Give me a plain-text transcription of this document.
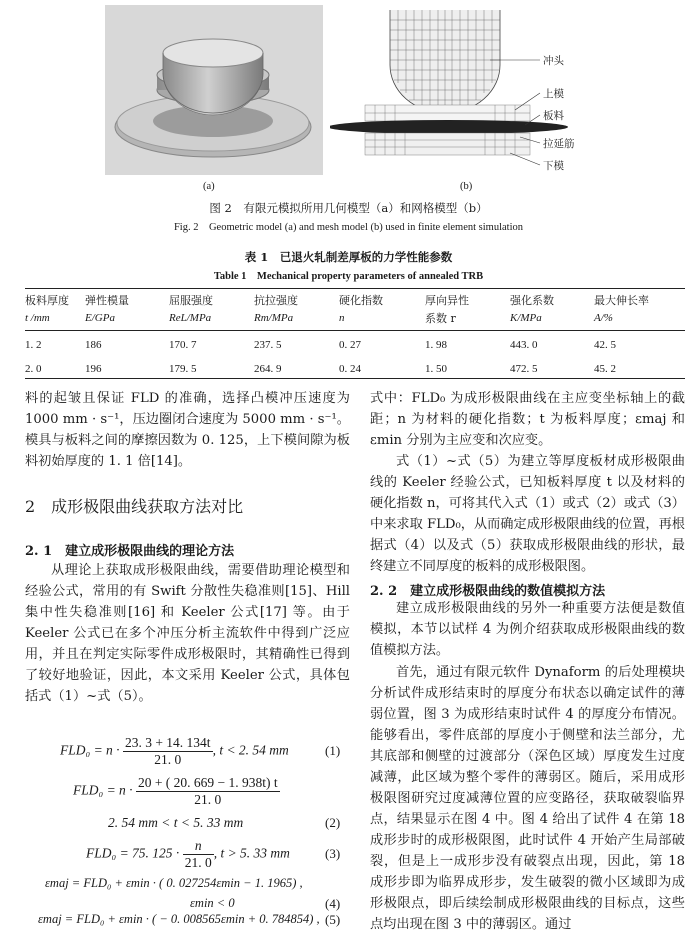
(a)
冲头
上模
板料
拉延筋
下模
(b)
图 2　有限元模拟所用几何模型（a）和网格模型（b）
Fig. 2　Geometric model (a) and mesh model (b) used in finite element simulation
表 1　已退火轧制差厚板的力学性能参数
Table 1　Mechanical property parameters of annealed TRB
板料厚度	弹性模量	屈服强度	抗拉强度	硬化指数	厚向异性	强化系数	最大伸长率
t /mm	E/GPa	ReL/MPa	Rm/MPa	n	系数 r	K/MPa	A/%
1. 2	186	170. 7	237. 5	0. 27	1. 98	443. 0	42. 5

2. 0	196	179. 5	264. 9	0. 24	1. 50	472. 5	45. 2
料的起皱且保证 FLD 的准确，选择凸模冲压速度为 1000 mm · s⁻¹，压边圈闭合速度为 5000 mm · s⁻¹。模具与板料之间的摩擦因数为 0. 125，上下模间隙为板料初始厚度的 1. 1 倍[14]。
2　成形极限曲线获取方法对比
2. 1　建立成形极限曲线的理论方法
从理论上获取成形极限曲线，需要借助理论模型和经验公式，常用的有 Swift 分散性失稳准则[15]、Hill 集中性失稳准则[16] 和 Keeler 公式[17] 等。由于 Keeler 公式已在多个冲压分析主流软件中得到广泛应用，并且在判定实际零件成形极限时，其精确性已得到了较好地验证，因此，本文采用 Keeler 公式，具体包括式（1）~式（5）。
$FLD_0 = n \cdot \frac{23. 3 + 14. 134t}{21. 0}$ , t < 2. 54 mm	(1)
$FLD_0 = n \cdot \frac{20 + ( 20. 669 - 1. 938t) t}{21. 0}$
2. 54 mm < t < 5. 33 mm	(2)
FLD₀ = 75. $125 \cdot \frac{n}{21. 0}$ , t > 5. 33 mm	(3)
εmaj = FLD₀ + εmin · ( 0. 027254εmin − 1. 1965) ,
εmin < 0	(4)
εmaj = FLD₀ + εmin · ( − 0. 008565εmin + 0. 784854) , (5)
式中：FLD₀ 为成形极限曲线在主应变坐标轴上的截距；n 为材料的硬化指数；t 为板料厚度；εmaj 和 εmin 分别为主应变和次应变。
式（1）~式（5）为建立等厚度板材成形极限曲线的 Keeler 经验公式，已知板料厚度 t 以及材料的硬化指数 n，可将其代入式（1）或式（2）或式（3）中来求取 FLD₀，从而确定成形极限曲线的位置，再根据式（4）以及式（5）获取成形极限曲线的形状，最终建立不同厚度的板料的成形极限图。
2. 2　建立成形极限曲线的数值模拟方法
建立成形极限曲线的另外一种重要方法便是数值模拟，本节以试样 4 为例介绍获取成形极限曲线的数值模拟方法。
首先，通过有限元软件 Dynaform 的后处理模块分析试件成形结束时的厚度分布状态以确定试件的薄弱位置，图 3 为成形结束时试件 4 的厚度分布情况。能够看出，零件底部的厚度小于侧壁和法兰部分，尤其底部和侧壁的过渡部分（深色区域）厚度发生过度减薄，此区域为整个零件的薄弱区。随后，采用成形极限图研究过度减薄位置的应变路径，获取破裂临界点，结果显示在图 4 中。图 4 给出了试件 4 在第 18 成形步时的成形极限图，此时试件 4 开始产生局部破裂，但是上一成形步没有破裂点出现，因此，第 18 成形步即为临界成形步，发生破裂的微小区域即为成形极限点，即后续绘制成形极限曲线的目标点，这些点均出现在图 3 中的薄弱区。通过
